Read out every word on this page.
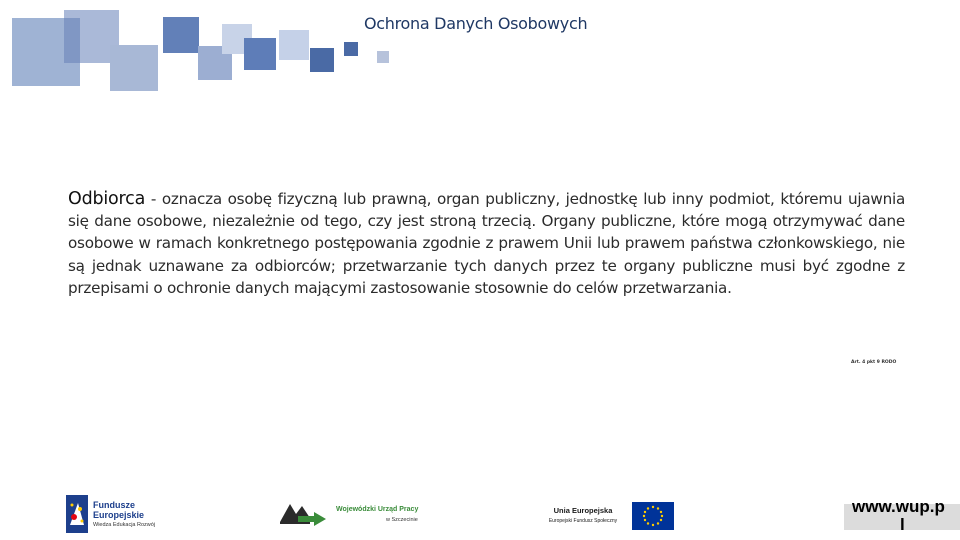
Ochrona Danych Osobowych
Odbiorca - oznacza osobę fizyczną lub prawną, organ publiczny, jednostkę lub inny podmiot, któremu ujawnia się dane osobowe, niezależnie od tego, czy jest stroną trzecią. Organy publiczne, które mogą otrzymywać dane osobowe w ramach konkretnego postępowania zgodnie z prawem Unii lub prawem państwa członkowskiego, nie są jednak uznawane za odbiorców; przetwarzanie tych danych przez te organy publiczne musi być zgodne z przepisami o ochronie danych mającymi zastosowanie stosownie do celów przetwarzania.
Art. 4 pkt 9 RODO
Fundusze
Europejskie
Wiedza Edukacja Rozwój
Wojewódzki Urząd Pracy
w Szczecinie
Unia Europejska
Europejski Fundusz Społeczny
www.wup.p
l
